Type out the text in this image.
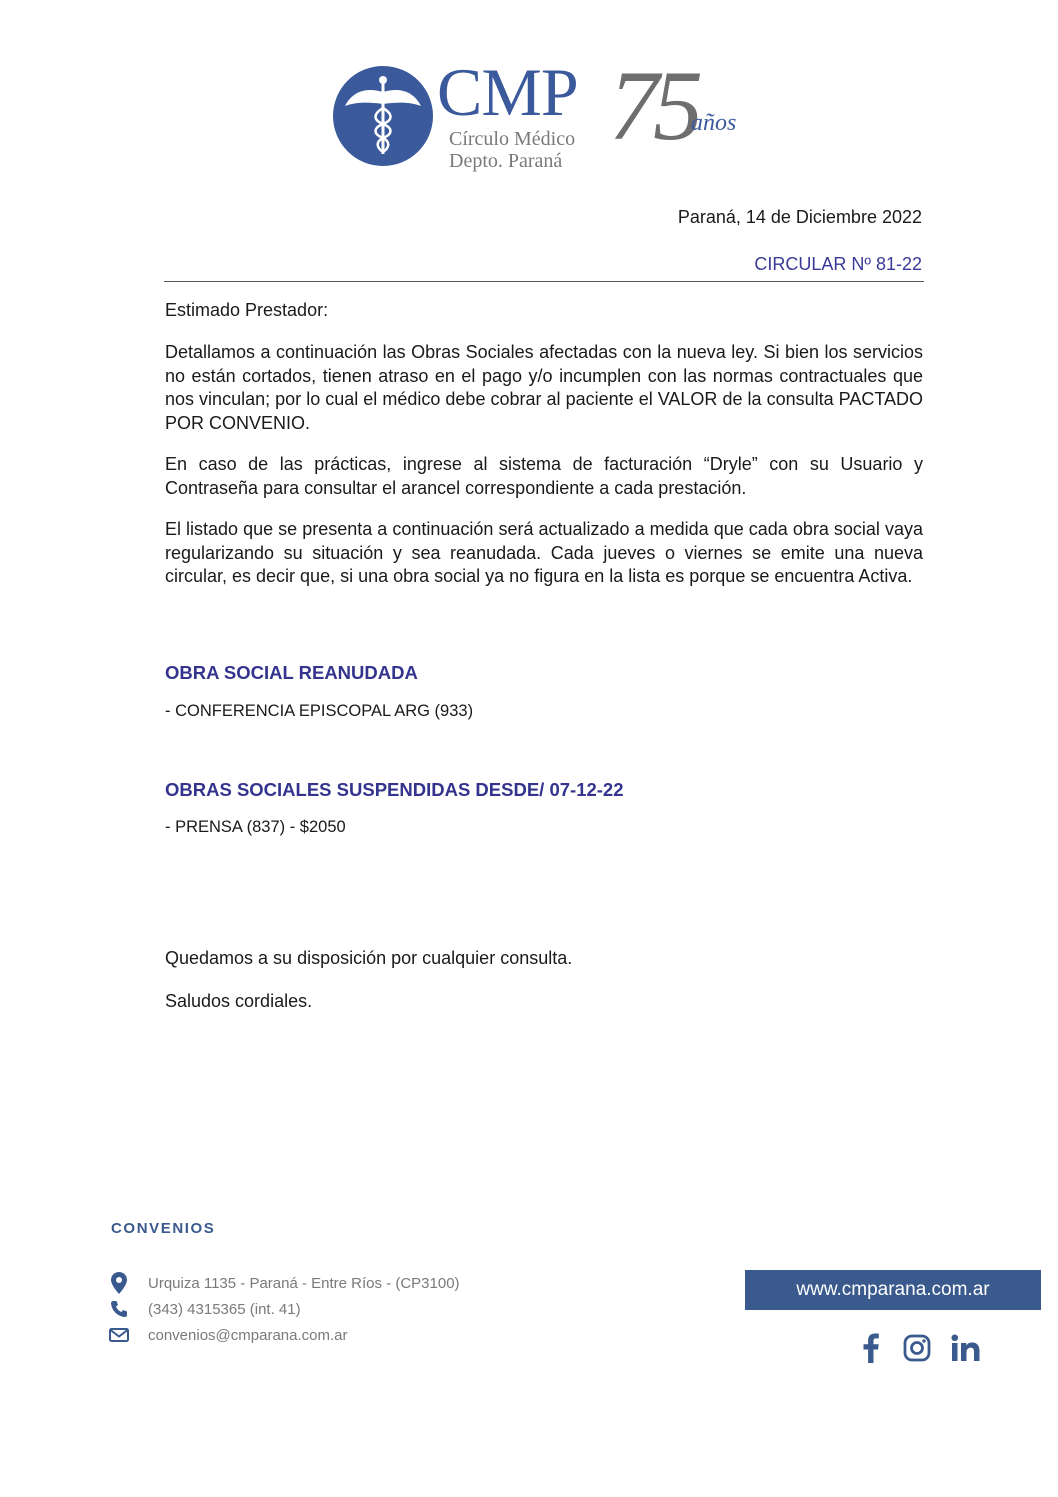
CMP
Círculo Médico
Depto. Paraná 75
años
Paraná, 14 de Diciembre 2022
CIRCULAR Nº 81-22
Estimado Prestador:
Detallamos a continuación las Obras Sociales afectadas con la nueva ley. Si bien los servicios no están cortados, tienen atraso en el pago y/o incumplen con las normas contractuales que nos vinculan; por lo cual el médico debe cobrar al paciente el VALOR de la consulta PACTADO POR CONVENIO.
En caso de las prácticas, ingrese al sistema de facturación “Dryle” con su Usuario y Contraseña para consultar el arancel correspondiente a cada prestación.
El listado que se presenta a continuación será actualizado a medida que cada obra social vaya regularizando su situación y sea reanudada. Cada jueves o viernes se emite una nueva circular, es decir que, si una obra social ya no figura en la lista es porque se encuentra Activa.
OBRA SOCIAL REANUDADA
- CONFERENCIA EPISCOPAL ARG (933)
OBRAS SOCIALES SUSPENDIDAS DESDE/ 07-12-22
- PRENSA (837) - $2050
Quedamos a su disposición por cualquier consulta.
Saludos cordiales.
CONVENIOS
Urquiza 1135 - Paraná - Entre Ríos - (CP3100)
(343) 4315365 (int. 41)
convenios@cmparana.com.ar
www.cmparana.com.ar
